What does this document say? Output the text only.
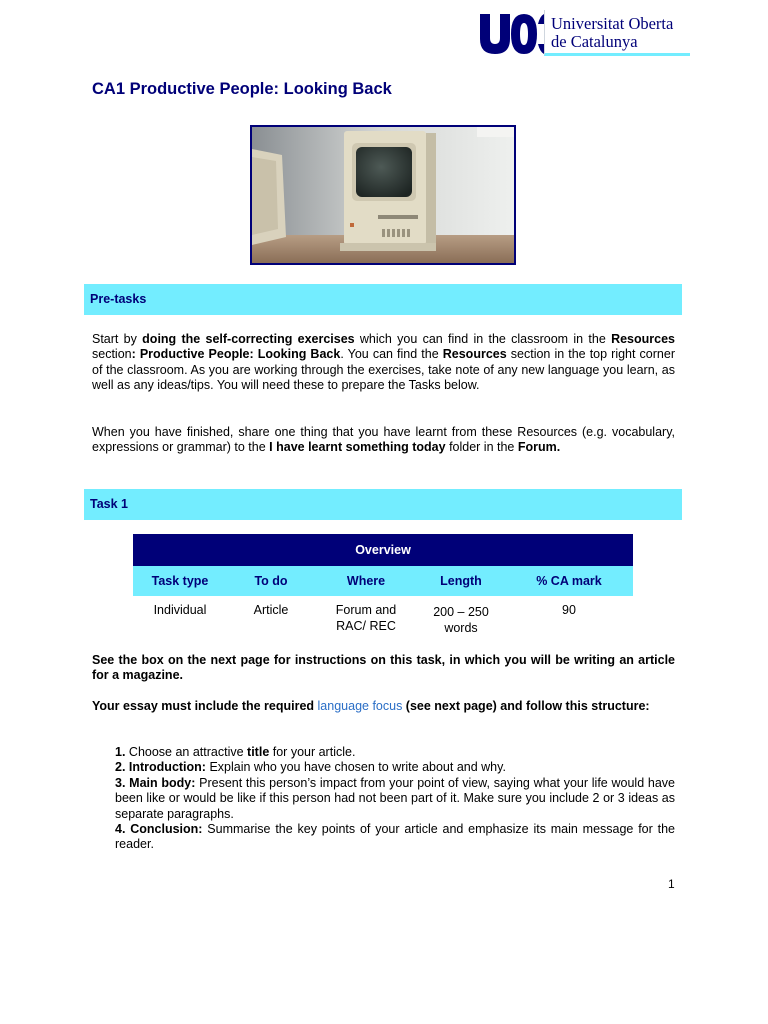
Universitat Oberta
de Catalunya
CA1 Productive People: Looking Back
Pre-tasks

Start by doing the self-correcting exercises which you can find in the classroom in the Resources section: Productive People: Looking Back. You can find the Resources section in the top right corner of the classroom. As you are working through the exercises, take note of any new language you learn, as well as any ideas/tips. You will need these to prepare the Tasks below.

When you have finished, share one thing that you have learnt from these Resources (e.g. vocabulary, expressions or grammar) to the I have learnt something today folder in the Forum.

Task 1
Overview				
Task type	To do	Where	Length	% CA mark
Individual	Article	Forum and RAC/ REC	200 – 250 words	90

See the box on the next page for instructions on this task, in which you will be writing an article for a magazine.

Your essay must include the required language focus (see next page) and follow this structure:

1. Choose an attractive title for your article.
2. Introduction: Explain who you have chosen to write about and why.
3. Main body: Present this person’s impact from your point of view, saying what your life would have been like or would be like if this person had not been part of it. Make sure you include 2 or 3 ideas as separate paragraphs.
4. Conclusion: Summarise the key points of your article and emphasize its main message for the reader.
1
